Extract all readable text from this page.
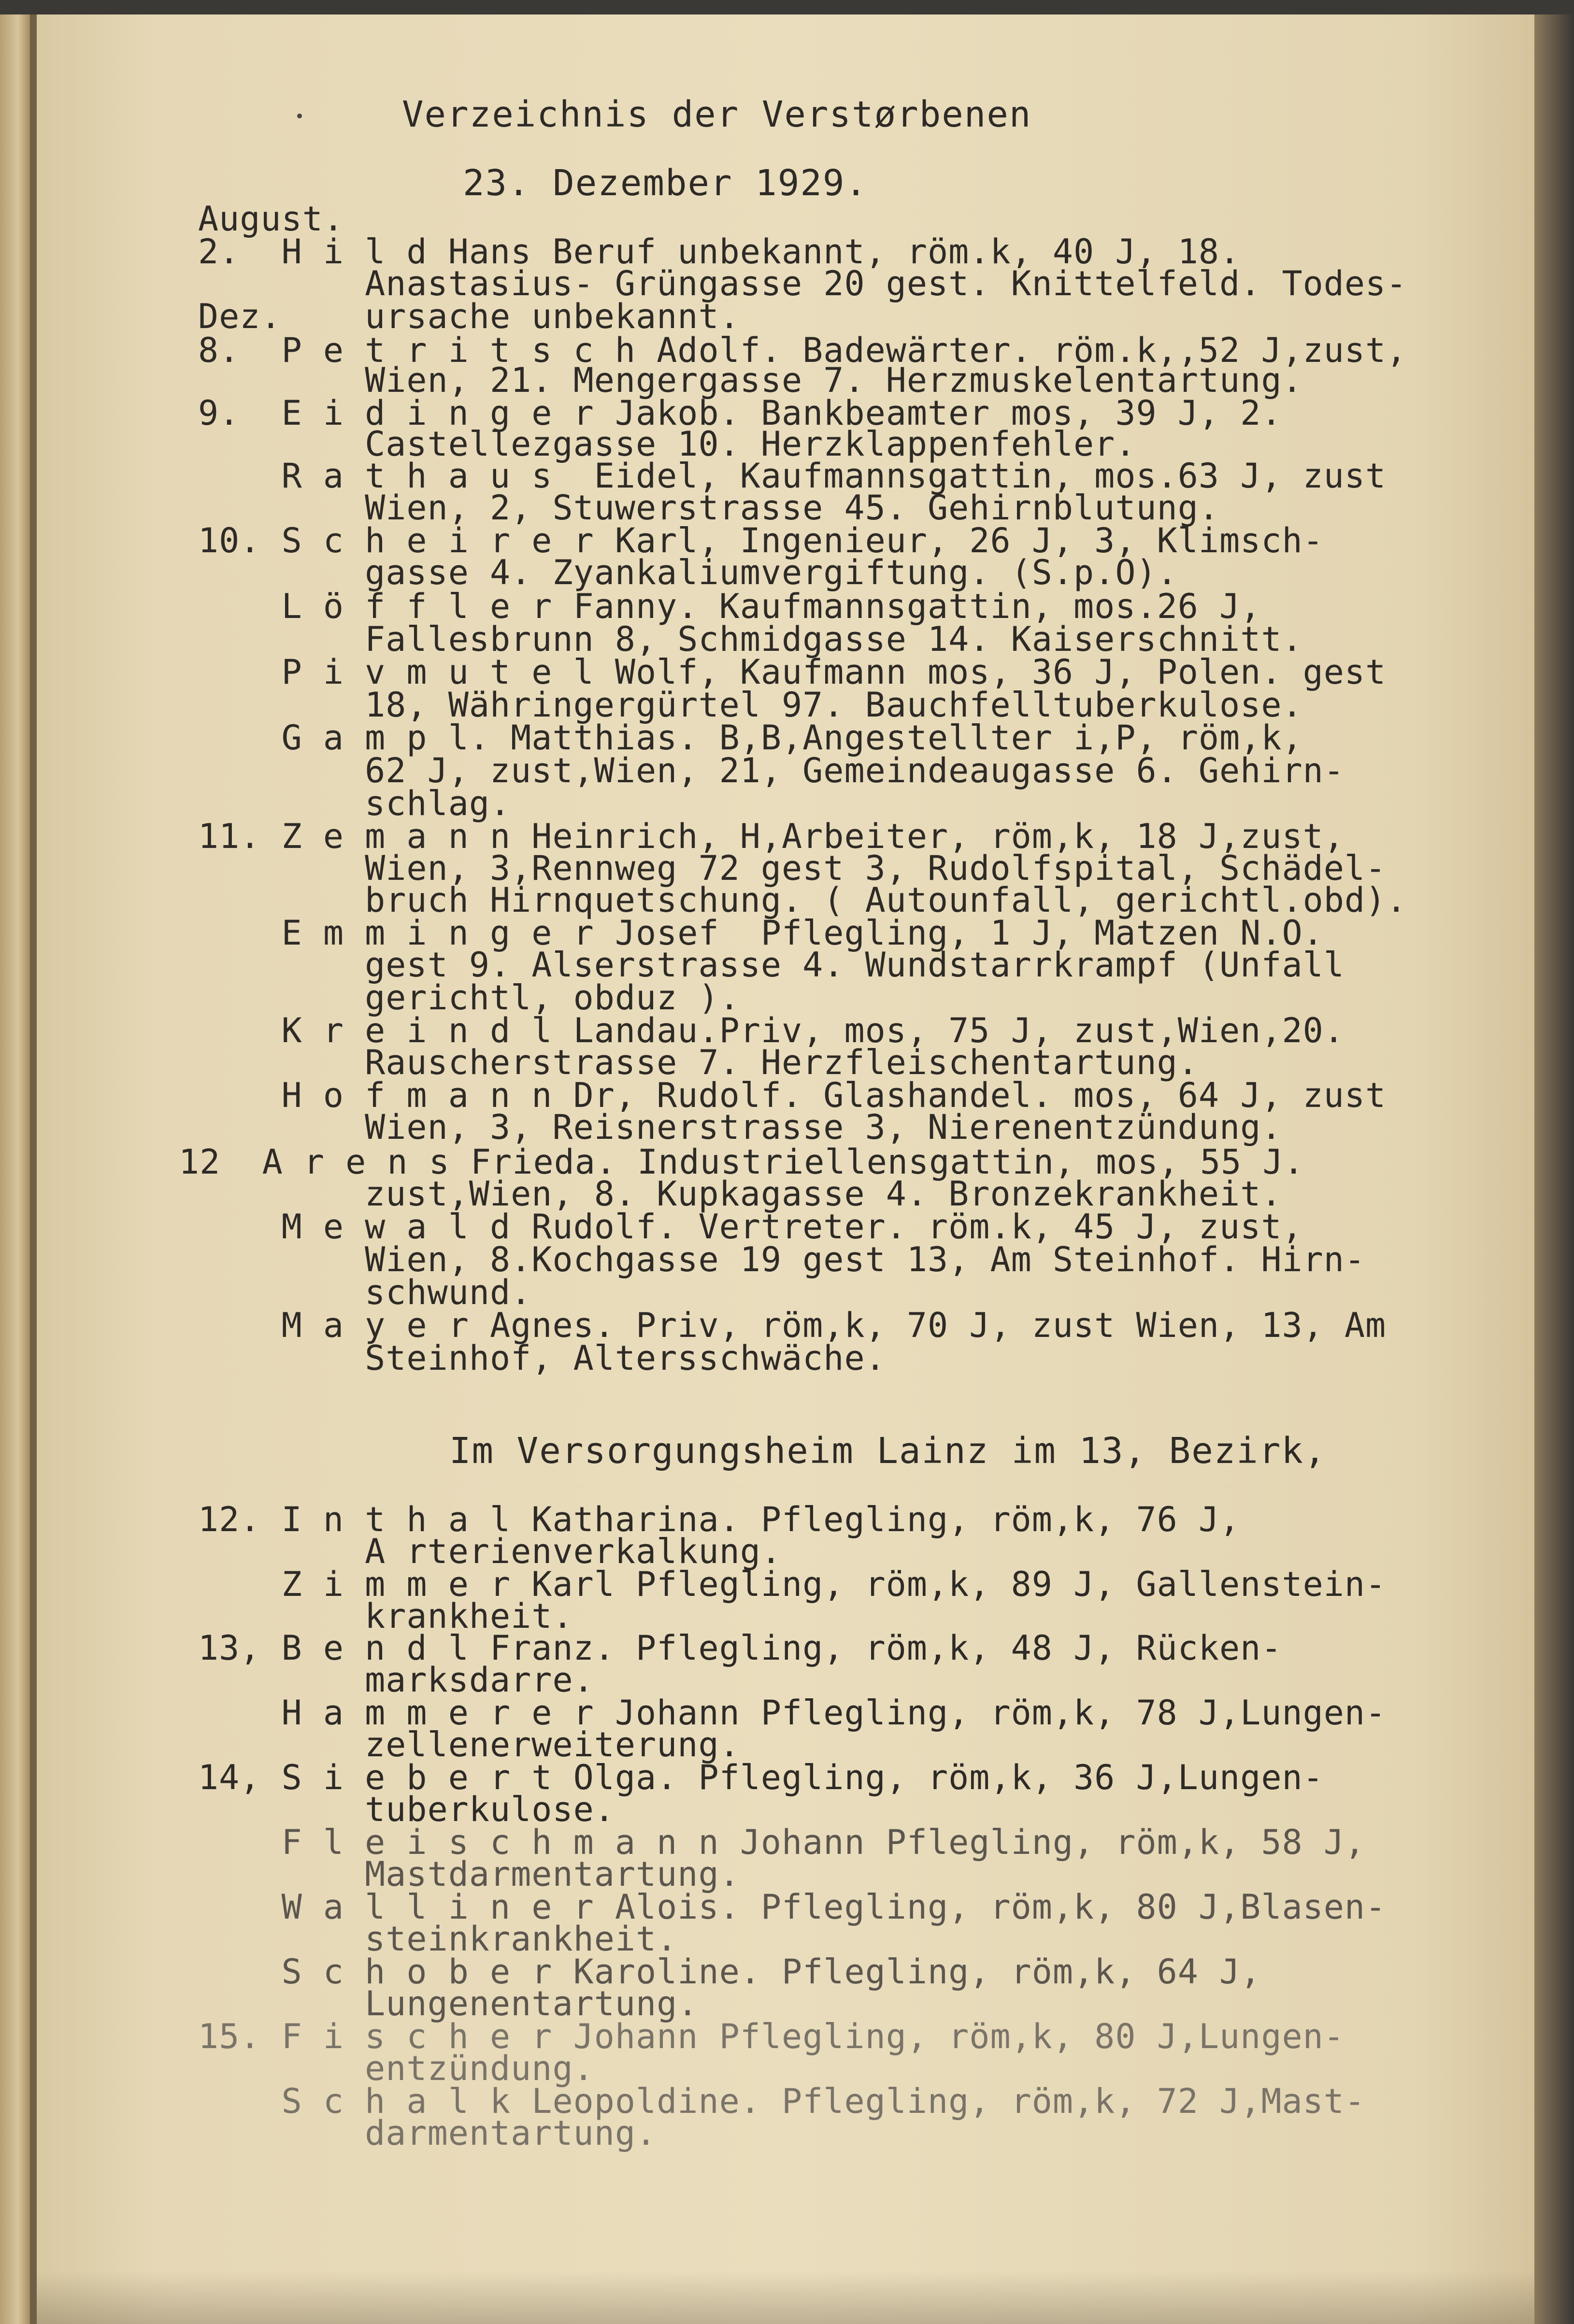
Verzeichnis der Verstørbenen
23. Dezember 1929.
August.
2.  H i l d Hans Beruf unbekannt, röm.k, 40 J, 18.
Anastasius- Grüngasse 20 gest. Knittelfeld. Todes-
Dez.    ursache unbekannt.
8.  P e t r i t s c h Adolf. Badewärter. röm.k,,52 J,zust,
Wien, 21. Mengergasse 7. Herzmuskelentartung.
9.  E i d i n g e r Jakob. Bankbeamter mos, 39 J, 2.
Castellezgasse 10. Herzklappenfehler.
R a t h a u s  Eidel, Kaufmannsgattin, mos.63 J, zust
Wien, 2, Stuwerstrasse 45. Gehirnblutung.
10. S c h e i r e r Karl, Ingenieur, 26 J, 3, Klimsch-
gasse 4. Zyankaliumvergiftung. (S.p.O).
L ö f f l e r Fanny. Kaufmannsgattin, mos.26 J,
Fallesbrunn 8, Schmidgasse 14. Kaiserschnitt.
P i v m u t e l Wolf, Kaufmann mos, 36 J, Polen. gest
18, Währingergürtel 97. Bauchfelltuberkulose.
G a m p l. Matthias. B,B,Angestellter i,P, röm,k,
62 J, zust,Wien, 21, Gemeindeaugasse 6. Gehirn-
schlag.
11. Z e m a n n Heinrich, H,Arbeiter, röm,k, 18 J,zust,
Wien, 3,Rennweg 72 gest 3, Rudolfspital, Schädel-
bruch Hirnquetschung. ( Autounfall, gerichtl.obd).
E m m i n g e r Josef  Pflegling, 1 J, Matzen N.O.
gest 9. Alserstrasse 4. Wundstarrkrampf (Unfall
gerichtl, obduz ).
K r e i n d l Landau.Priv, mos, 75 J, zust,Wien,20.
Rauscherstrasse 7. Herzfleischentartung.
H o f m a n n Dr, Rudolf. Glashandel. mos, 64 J, zust
Wien, 3, Reisnerstrasse 3, Nierenentzündung.
12  A r e n s Frieda. Industriellensgattin, mos, 55 J.
zust,Wien, 8. Kupkagasse 4. Bronzekrankheit.
M e w a l d Rudolf. Vertreter. röm.k, 45 J, zust,
Wien, 8.Kochgasse 19 gest 13, Am Steinhof. Hirn-
schwund.
M a y e r Agnes. Priv, röm,k, 70 J, zust Wien, 13, Am
Steinhof, Altersschwäche.
Im Versorgungsheim Lainz im 13, Bezirk,
12. I n t h a l Katharina. Pflegling, röm,k, 76 J,
A rterienverkalkung.
Z i m m e r Karl Pflegling, röm,k, 89 J, Gallenstein-
krankheit.
13, B e n d l Franz. Pflegling, röm,k, 48 J, Rücken-
marksdarre.
H a m m e r e r Johann Pflegling, röm,k, 78 J,Lungen-
zellenerweiterung.
14, S i e b e r t Olga. Pflegling, röm,k, 36 J,Lungen-
tuberkulose.
F l e i s c h m a n n Johann Pflegling, röm,k, 58 J,
Mastdarmentartung.
W a l l i n e r Alois. Pflegling, röm,k, 80 J,Blasen-
steinkrankheit.
S c h o b e r Karoline. Pflegling, röm,k, 64 J,
Lungenentartung.
15. F i s c h e r Johann Pflegling, röm,k, 80 J,Lungen-
entzündung.
S c h a l k Leopoldine. Pflegling, röm,k, 72 J,Mast-
darmentartung.
